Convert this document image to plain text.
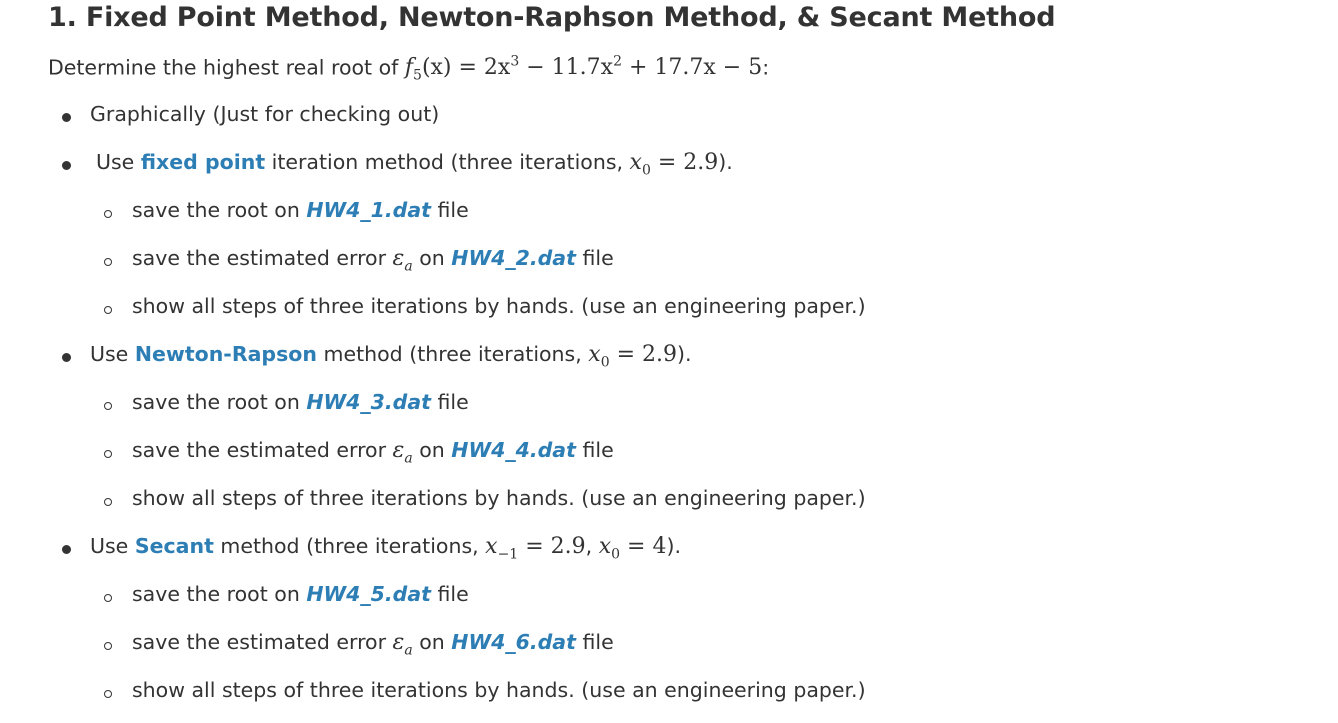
1. Fixed Point Method, Newton-Raphson Method, & Secant Method
Determine the highest real root of $f_5(x) = 2x^3 - 11.7x^2 + 17.7x - 5$:
Graphically (Just for checking out)
Use fixed point iteration method (three iterations, $x_0 = 2.9$).
save the root on HW4_1.dat file
save the estimated error $\varepsilon_a$ on HW4_2.dat file
show all steps of three iterations by hands. (use an engineering paper.)
Use Newton-Rapson method (three iterations, $x_0 = 2.9$).
save the root on HW4_3.dat file
save the estimated error $\varepsilon_a$ on HW4_4.dat file
show all steps of three iterations by hands. (use an engineering paper.)
Use Secant method (three iterations, $x_{-1} = 2.9$, $x_0 = 4$).
save the root on HW4_5.dat file
save the estimated error $\varepsilon_a$ on HW4_6.dat file
show all steps of three iterations by hands. (use an engineering paper.)
